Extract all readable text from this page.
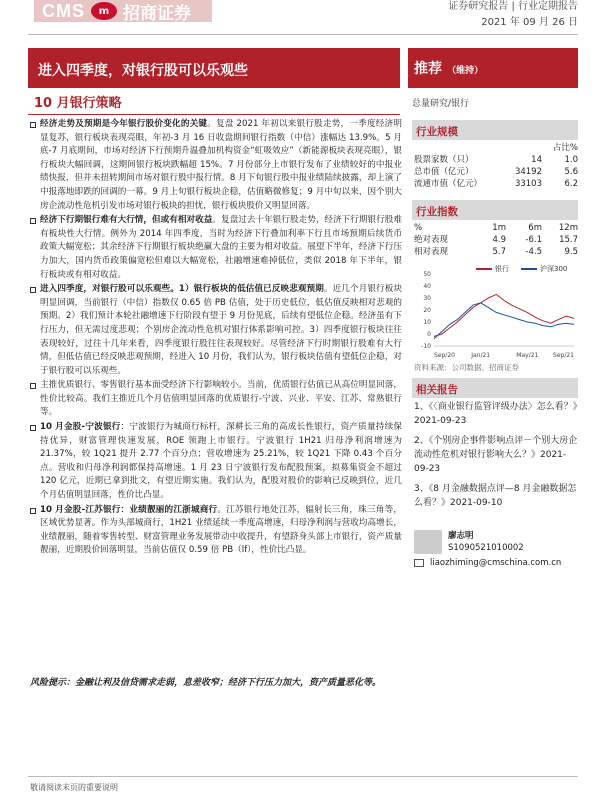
CMS	m 招商证券	证券研究报告 | 行业定期报告
2021 年 09 月 26 日
进入四季度，对银行股可以乐观些	推荐 （维持）
10 月银行策略	总量研究/银行
经济走势及预期是今年银行股价变化的关键。复盘 2021 年初以来银行股走势，一季度经济明显复苏，银行板块表现亮眼，年初-3 月 16 日收盘期间银行指数（中信）涨幅达 13.9%。5 月底-7 月底期间，市场对经济下行预期升温叠加机构资金“虹吸效应”（新能源板块表现亮眼），银行板块大幅回调，这期间银行板块跌幅超 15%。7 月份部分上市银行发布了业绩较好的中报业绩快报，但并未扭转期间市场对银行股中报行情。8 月下旬银行股中报业绩陆续披露，却上演了中报落地即跌的回调的一幕。9 月上旬银行板块企稳，估值略微修复；9 月中旬以来，因个别大房企流动性危机引发市场对银行板块的担忧，银行板块股价又明显回落。
经济下行期银行难有大行情，但或有相对收益。复盘过去十年银行股走势，经济下行期银行股难有板块性大行情。例外为 2014 年四季度，当时为经济下行叠加利率下行且市场预期后续货币政策大幅宽松；其余经济下行期银行板块绝赢大盘的主要为相对收益。展望下半年，经济下行压力加大，国内货币政策偏宽松但难以大幅宽松，社融增速难掉低位，类似 2018 年下半年，银行板块或有相对收益。
进入四季度，对银行股可以乐观些。1）银行板块的低估值已反映悲观预期。近几个月银行板块明显回调，当前银行（中信）指数仅 0.65 倍 PB 估值，处于历史低位，低估值反映相对悲观的预期。2）我们预计本轮社融增速下行阶段有望于 9 月份见底，后续有望低位企稳。经济虽有下行压力，但无需过度悲观；个别房企流动性危机对银行体系影响可控。3）四季度银行板块往往表现较好，过往十几年来看，四季度银行股往往表现较好。尽管经济下行时期银行股难有大行情，但低估值已经反映悲观预期，经进入 10 月份，我们认为，银行板块估值有望低位企稳，对于银行股可以乐观些。
主推优质银行、零售银行基本面受经济下行影响较小。当前，优质银行估值已从高位明显回落，性价比较高。我们主推近几个月估值明显回落的优质银行-宁波、兴业、平安、江苏、常熟银行等。
10 月金股-宁波银行：宁波银行为城商行标杆，深耕长三角的高成长性银行，资产质量持续保持优异，财富管理快速发展，ROE 领跑上市银行。宁波银行 1H21 归母净利润增速为 21.37%，较 1Q21 提升 2.77 个百分点；营收增速为 25.21%，较 1Q21 下降 0.43 个百分点。营收和归母净利润都保持高增速。1 月 23 日宁波银行发布配股预案，拟募集资金不超过 120 亿元，近期已拿到批文，有望近期实施。我们认为，配股对股价的影响已反映到位，近几个月估值明显回落，性价比凸显。
10 月金股-江苏银行：业绩靓丽的江浙城商行。江苏银行地处江苏，辐射长三角，珠三角等，区域优势显著。作为头部城商行，1H21 业绩延续一季度高增速，归母净利润与营收均高增长，业绩靓丽，随着零售转型、财富管理业务发展带动中收提升，有望跻身头部上市银行，资产质量靓丽，近期股价回落明显，当前估值仅 0.59 倍 PB（lf），性价比凸显。
风险提示：金融让利及信贷需求走弱，息差收窄；经济下行压力加大，资产质量恶化等。
敬请阅读末页的重要说明
行业规模
占比%
股票家数（只）	14	1.0
总市值（亿元）	34192	5.6
流通市值（亿元）	33103	6.2
行业指数
%	1m	6m	12m
绝对表现	4.9	-6.1	15.7
相对表现	5.7	-4.5	9.5
银行	沪深300
50
40
30
20
10
0
-10
Sep/20	Jan/21	May/21 Sep/21
资料来源：公司数据、招商证券
相关报告
1、《〈商业银行监管评级办法〉怎么看？》2021-09-23
2、《个别房企事件影响点评－个别大房企流动性危机对银行影响大么？》2021-09-23
3、《8 月金融数据点评—8 月金融数据怎么看？》2021-09-10
廖志明
S1090521010002
liaozhiming@cmschina.com.cn
